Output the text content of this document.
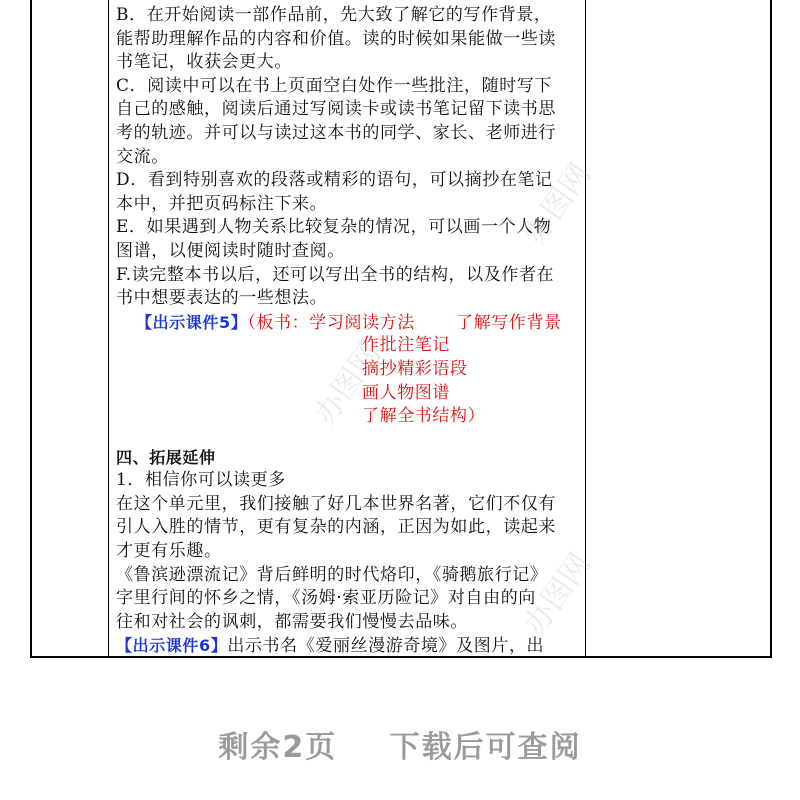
办图网
办图网
办图网
B．在开始阅读一部作品前，先大致了解它的写作背景，
能帮助理解作品的内容和价值。读的时候如果能做一些读
书笔记，收获会更大。
C．阅读中可以在书上页面空白处作一些批注，随时写下
自己的感触，阅读后通过写阅读卡或读书笔记留下读书思
考的轨迹。并可以与读过这本书的同学、家长、老师进行
交流。
D．看到特别喜欢的段落或精彩的语句，可以摘抄在笔记
本中，并把页码标注下来。
E．如果遇到人物关系比较复杂的情况，可以画一个人物
图谱，以便阅读时随时查阅。
F.读完整本书以后，还可以写出全书的结构，以及作者在
书中想要表达的一些想法。
【出示课件5】（板书：学习阅读方法　　 了解写作背景
作批注笔记
摘抄精彩语段
画人物图谱
了解全书结构）
四、拓展延伸
1．相信你可以读更多
在这个单元里，我们接触了好几本世界名著，它们不仅有
引人入胜的情节，更有复杂的内涵，正因为如此，读起来
才更有乐趣。
《鲁滨逊漂流记》背后鲜明的时代烙印，《骑鹅旅行记》
字里行间的怀乡之情，《汤姆·索亚历险记》对自由的向
往和对社会的讽刺，都需要我们慢慢去品味。
【出示课件6】出示书名《爱丽丝漫游奇境》及图片，出
剩余2页 下载后可查阅
